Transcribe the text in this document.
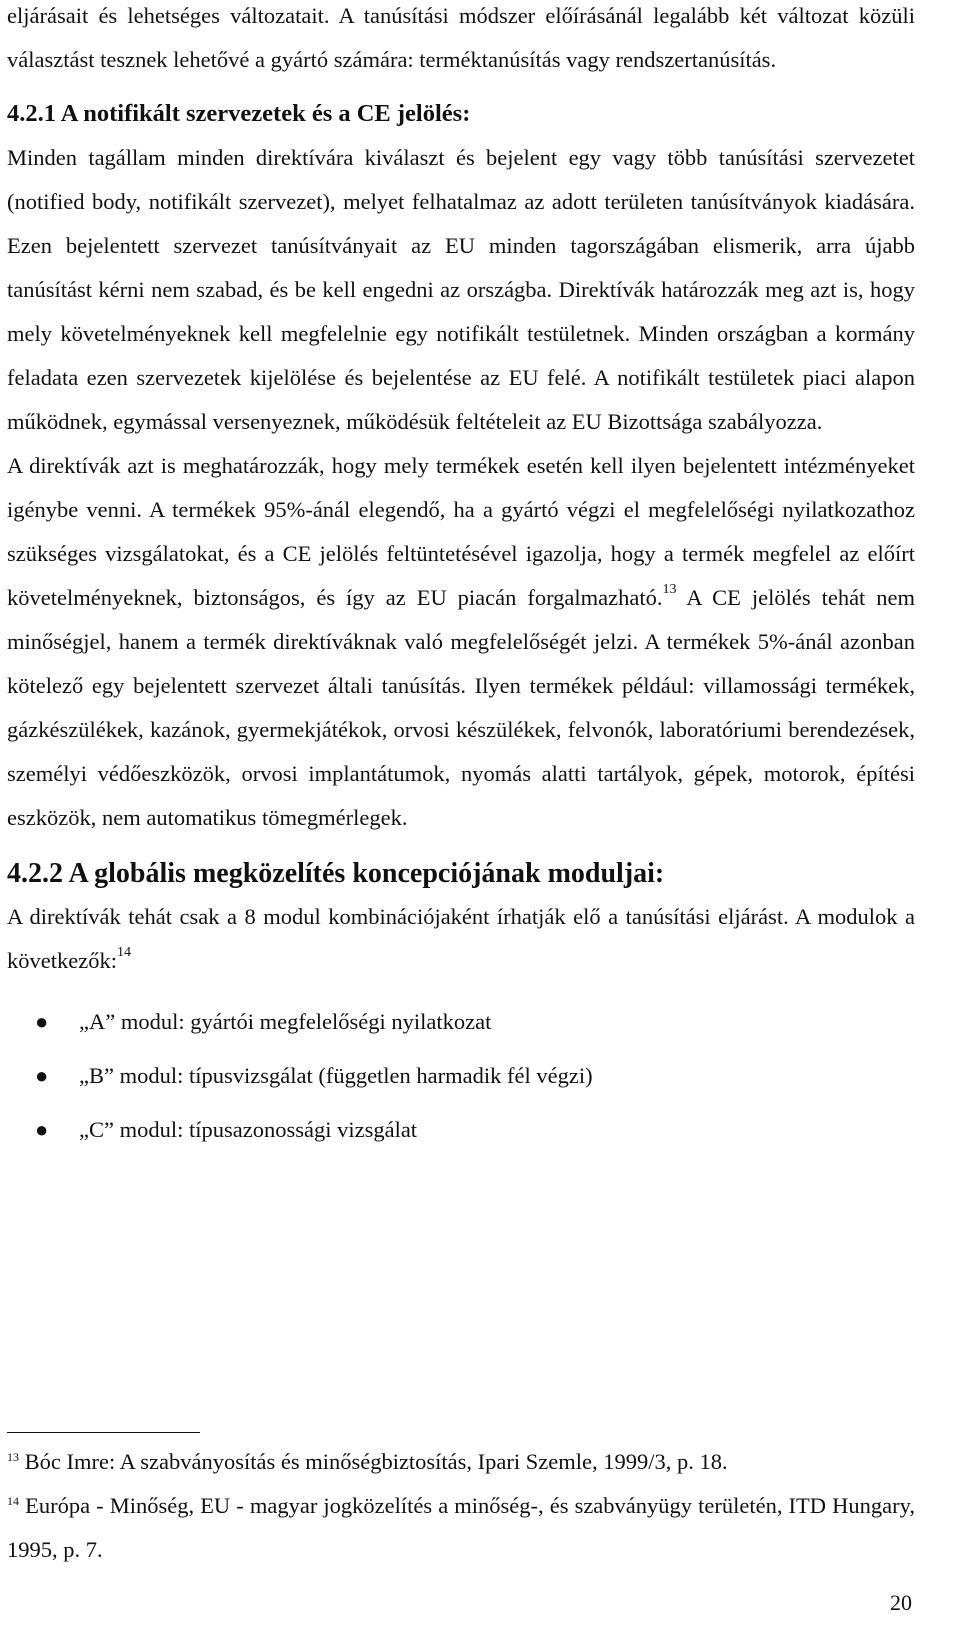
eljárásait és lehetséges változatait. A tanúsítási módszer előírásánál legalább két változat közüli választást tesznek lehetővé a gyártó számára: terméktanúsítás vagy rendszertanúsítás.

4.2.1 A notifikált szervezetek és a CE jelölés:

Minden tagállam minden direktívára kiválaszt és bejelent egy vagy több tanúsítási szervezetet (notified body, notifikált szervezet), melyet felhatalmaz az adott területen tanúsítványok kiadására. Ezen bejelentett szervezet tanúsítványait az EU minden tagországában elismerik, arra újabb tanúsítást kérni nem szabad, és be kell engedni az országba. Direktívák határozzák meg azt is, hogy mely követelményeknek kell megfelelnie egy notifikált testületnek. Minden országban a kormány feladata ezen szervezetek kijelölése és bejelentése az EU felé. A notifikált testületek piaci alapon működnek, egymással versenyeznek, működésük feltételeit az EU Bizottsága szabályozza.

A direktívák azt is meghatározzák, hogy mely termékek esetén kell ilyen bejelentett intézményeket igénybe venni. A termékek 95%-ánál elegendő, ha a gyártó végzi el megfelelőségi nyilatkozathoz szükséges vizsgálatokat, és a CE jelölés feltüntetésével igazolja, hogy a termék megfelel az előírt követelményeknek, biztonságos, és így az EU piacán forgalmazható.$^{13}$ A CE jelölés tehát nem minőségjel, hanem a termék direktíváknak való megfelelőségét jelzi. A termékek 5%-ánál azonban kötelező egy bejelentett szervezet általi tanúsítás. Ilyen termékek például: villamossági termékek, gázkészülékek, kazánok, gyermekjátékok, orvosi készülékek, felvonók, laboratóriumi berendezések, személyi védőeszközök, orvosi implantátumok, nyomás alatti tartályok, gépek, motorok, építési eszközök, nem automatikus tömegmérlegek.

4.2.2 A globális megközelítés koncepciójának moduljai:

A direktívák tehát csak a 8 modul kombinációjaként írhatják elő a tanúsítási eljárást. A modulok a következők:$^{14}$

● „A” modul: gyártói megfelelőségi nyilatkozat
● „B” modul: típusvizsgálat (független harmadik fél végzi)
● „C” modul: típusazonossági vizsgálat

$^{13}$ Bóc Imre: A szabványosítás és minőségbiztosítás, Ipari Szemle, 1999/3, p. 18.

$^{14}$ Európa - Minőség, EU - magyar jogközelítés a minőség-, és szabványügy területén, ITD Hungary, 1995, p. 7.

20
